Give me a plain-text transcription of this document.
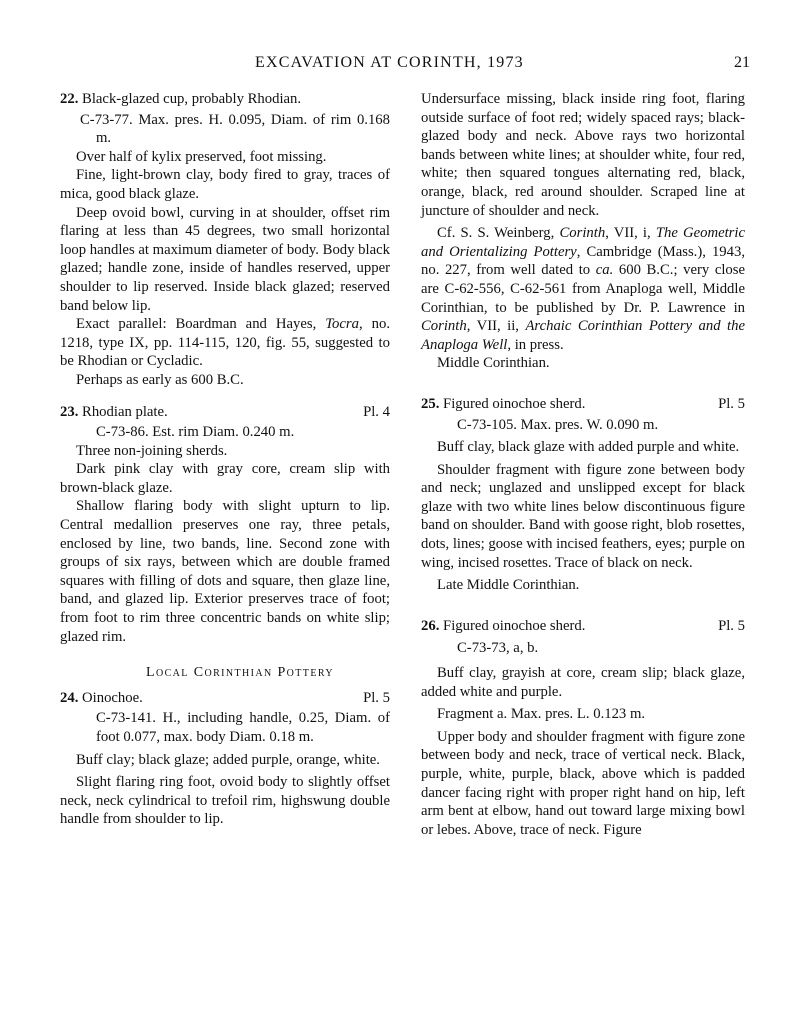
EXCAVATION AT CORINTH, 1973	21

22. Black-glazed cup, probably Rhodian.

C-73-77. Max. pres. H. 0.095, Diam. of rim 0.168 m.

Over half of kylix preserved, foot missing.

Fine, light-brown clay, body fired to gray, traces of mica, good black glaze.

Deep ovoid bowl, curving in at shoulder, offset rim flaring at less than 45 degrees, two small horizontal loop handles at maximum diameter of body. Body black glazed; handle zone, inside of handles reserved, upper shoulder to lip reserved. Inside black glazed; reserved band below lip.

Exact parallel: Boardman and Hayes, Tocra, no. 1218, type IX, pp. 114-115, 120, fig. 55, suggested to be Rhodian or Cycladic.

Perhaps as early as 600 B.C.

23. Rhodian plate.	Pl. 4

C-73-86. Est. rim Diam. 0.240 m.

Three non-joining sherds.

Dark pink clay with gray core, cream slip with brown-black glaze.

Shallow flaring body with slight upturn to lip. Central medallion preserves one ray, three petals, enclosed by line, two bands, line. Second zone with groups of six rays, between which are double framed squares with filling of dots and square, then glaze line, band, and glazed lip. Exterior preserves trace of foot; from foot to rim three concentric bands on white slip; glazed rim.

Local Corinthian Pottery

24. Oinochoe.	Pl. 5

C-73-141. H., including handle, 0.25, Diam. of foot 0.077, max. body Diam. 0.18 m.

Buff clay; black glaze; added purple, orange, white.

Slight flaring ring foot, ovoid body to slightly offset neck, neck cylindrical to trefoil rim, highswung double handle from shoulder to lip.

Undersurface missing, black inside ring foot, flaring outside surface of foot red; widely spaced rays; black-glazed body and neck. Above rays two horizontal bands between white lines; at shoulder white, four red, white; then squared tongues alternating red, black, orange, black, red around shoulder. Scraped line at juncture of shoulder and neck.

Cf. S. S. Weinberg, Corinth, VII, i, The Geometric and Orientalizing Pottery, Cambridge (Mass.), 1943, no. 227, from well dated to ca. 600 B.C.; very close are C-62-556, C-62-561 from Anaploga well, Middle Corinthian, to be published by Dr. P. Lawrence in Corinth, VII, ii, Archaic Corinthian Pottery and the Anaploga Well, in press.

Middle Corinthian.

25. Figured oinochoe sherd.	Pl. 5

C-73-105. Max. pres. W. 0.090 m.

Buff clay, black glaze with added purple and white.

Shoulder fragment with figure zone between body and neck; unglazed and unslipped except for black glaze with two white lines below discontinuous figure band on shoulder. Band with goose right, blob rosettes, dots, lines; goose with incised feathers, eyes; purple on wing, incised rosettes. Trace of black on neck.

Late Middle Corinthian.

26. Figured oinochoe sherd.	Pl. 5

C-73-73, a, b.

Buff clay, grayish at core, cream slip; black glaze, added white and purple.

Fragment a. Max. pres. L. 0.123 m.

Upper body and shoulder fragment with figure zone between body and neck, trace of vertical neck. Black, purple, white, purple, black, above which is padded dancer facing right with proper right hand on hip, left arm bent at elbow, hand out toward large mixing bowl or lebes. Above, trace of neck. Figure
